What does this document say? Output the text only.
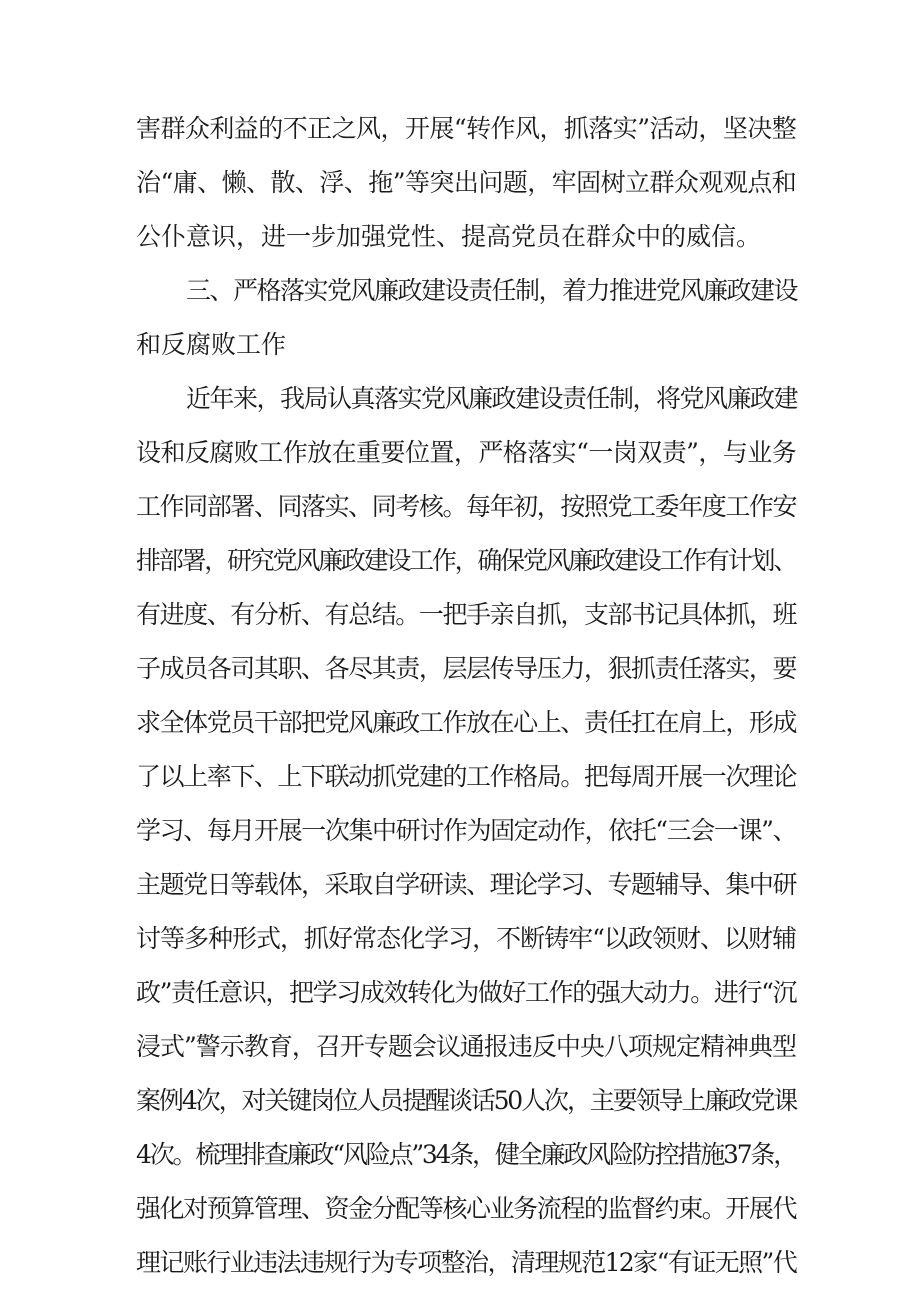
害群众利益的不正之风，开展“转作风，抓落实”活动，坚决整
治“庸、懒、散、浮、拖”等突出问题，牢固树立群众观观点和
公仆意识，进一步加强党性、提高党员在群众中的威信。
三、严格落实党风廉政建设责任制，着力推进党风廉政建设
和反腐败工作
近年来，我局认真落实党风廉政建设责任制，将党风廉政建
设和反腐败工作放在重要位置，严格落实“一岗双责”，与业务
工作同部署、同落实、同考核。每年初，按照党工委年度工作安
排部署，研究党风廉政建设工作，确保党风廉政建设工作有计划、
有进度、有分析、有总结。一把手亲自抓，支部书记具体抓，班
子成员各司其职、各尽其责，层层传导压力，狠抓责任落实，要
求全体党员干部把党风廉政工作放在心上、责任扛在肩上，形成
了以上率下、上下联动抓党建的工作格局。把每周开展一次理论
学习、每月开展一次集中研讨作为固定动作，依托“三会一课”、
主题党日等载体，采取自学研读、理论学习、专题辅导、集中研
讨等多种形式，抓好常态化学习，不断铸牢“以政领财、以财辅
政”责任意识，把学习成效转化为做好工作的强大动力。进行“沉
浸式”警示教育，召开专题会议通报违反中央八项规定精神典型
案例4次，对关键岗位人员提醒谈话50人次，主要领导上廉政党课
4次。梳理排查廉政“风险点”34条，健全廉政风险防控措施37条，
强化对预算管理、资金分配等核心业务流程的监督约束。开展代
理记账行业违法违规行为专项整治，清理规范12家“有证无照”代
